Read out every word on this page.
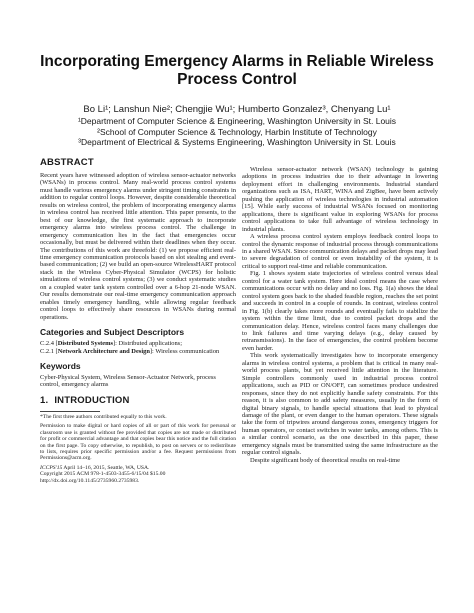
Incorporating Emergency Alarms in Reliable Wireless Process Control
Bo Li¹; Lanshun Nie²; Chengjie Wu¹; Humberto Gonzalez³, Chenyang Lu¹
¹Department of Computer Science & Engineering, Washington University in St. Louis
²School of Computer Science & Technology, Harbin Institute of Technology
³Department of Electrical & Systems Engineering, Washington University in St. Louis
ABSTRACT

Recent years have witnessed adoption of wireless sensor-actuator networks (WSANs) in process control. Many real-world process control systems must handle various emergency alarms under stringent timing constraints in addition to regular control loops. However, despite considerable theoretical results on wireless control, the problem of incorporating emergency alarms in wireless control has received little attention. This paper presents, to the best of our knowledge, the first systematic approach to incorporate emergency alarms into wireless process control. The challenge in emergency communication lies in the fact that emergencies occur occasionally, but must be delivered within their deadlines when they occur. The contributions of this work are threefold: (1) we propose efficient real-time emergency communication protocols based on slot stealing and event-based communication; (2) we build an open-source WirelessHART protocol stack in the Wireless Cyber-Physical Simulator (WCPS) for holistic simulations of wireless control systems; (3) we conduct systematic studies on a coupled water tank system controlled over a 6-hop 21-node WSAN. Our results demonstrate our real-time emergency communication approach enables timely emergency handling, while allowing regular feedback control loops to effectively share resources in WSANs during normal operations.

Categories and Subject Descriptors

C.2.4 [Distributed Systems]: Distributed applications;

C.2.1 [Network Architecture and Design]: Wireless communication

Keywords

Cyber-Physical System, Wireless Sensor-Actuator Network, process control, emergency alarms

1. INTRODUCTION

*The first three authors contributed equally to this work.

Permission to make digital or hard copies of all or part of this work for personal or classroom use is granted without fee provided that copies are not made or distributed for profit or commercial advantage and that copies bear this notice and the full citation on the first page. To copy otherwise, to republish, to post on servers or to redistribute to lists, requires prior specific permission and/or a fee. Request permissions from Permissions@acm.org.

ICCPS'15 April 14–16, 2015, Seattle, WA, USA.
Copyright 2015 ACM 978-1-4503-3455-6/15/04 $15.00
http://dx.doi.org/10.1145/2735960.2735983.

Wireless sensor-actuator network (WSAN) technology is gaining adoptions in process industries due to their advantage in lowering deployment effort in challenging environments. Industrial standard organizations such as ISA, HART, WINA and ZigBee, have been actively pushing the application of wireless technologies in industrial automation [15]. While early success of industrial WSANs focused on monitoring applications, there is significant value in exploring WSANs for process control applications to take full advantage of wireless technology in industrial plants.

A wireless process control system employs feedback control loops to control the dynamic response of industrial process through communications in a shared WSAN. Since communication delays and packet drops may lead to severe degradation of control or even instability of the system, it is critical to support real-time and reliable communication.

Fig. 1 shows system state trajectories of wireless control versus ideal control for a water tank system. Here ideal control means the case where communications occur with no delay and no loss. Fig. 1(a) shows the ideal control system goes back to the shaded feasible region, reaches the set point and succeeds in control in a couple of rounds. In contrast, wireless control in Fig. 1(b) clearly takes more rounds and eventually fails to stabilize the system within the time limit, due to control packet drops and the communication delay. Hence, wireless control faces many challenges due to link failures and time varying delays (e.g., delay caused by retransmissions). In the face of emergencies, the control problem become even harder.

This work systematically investigates how to incorporate emergency alarms in wireless control systems, a problem that is critical in many real-world process plants, but yet received little attention in the literature. Simple controllers commonly used in industrial process control applications, such as PID or ON/OFF, can sometimes produce undesired responses, since they do not explicitly handle safety constraints. For this reason, it is also common to add safety measures, usually in the form of digital binary signals, to handle special situations that lead to physical damage of the plant, or even danger to the human operators. These signals take the form of tripwires around dangerous zones, emergency triggers for human operators, or contact switches in water tanks, among others. This is a similar control scenario, as the one described in this paper, these emergency signals must be transmitted using the same infrastructure as the regular control signals.

Despite significant body of theoretical results on real-time
